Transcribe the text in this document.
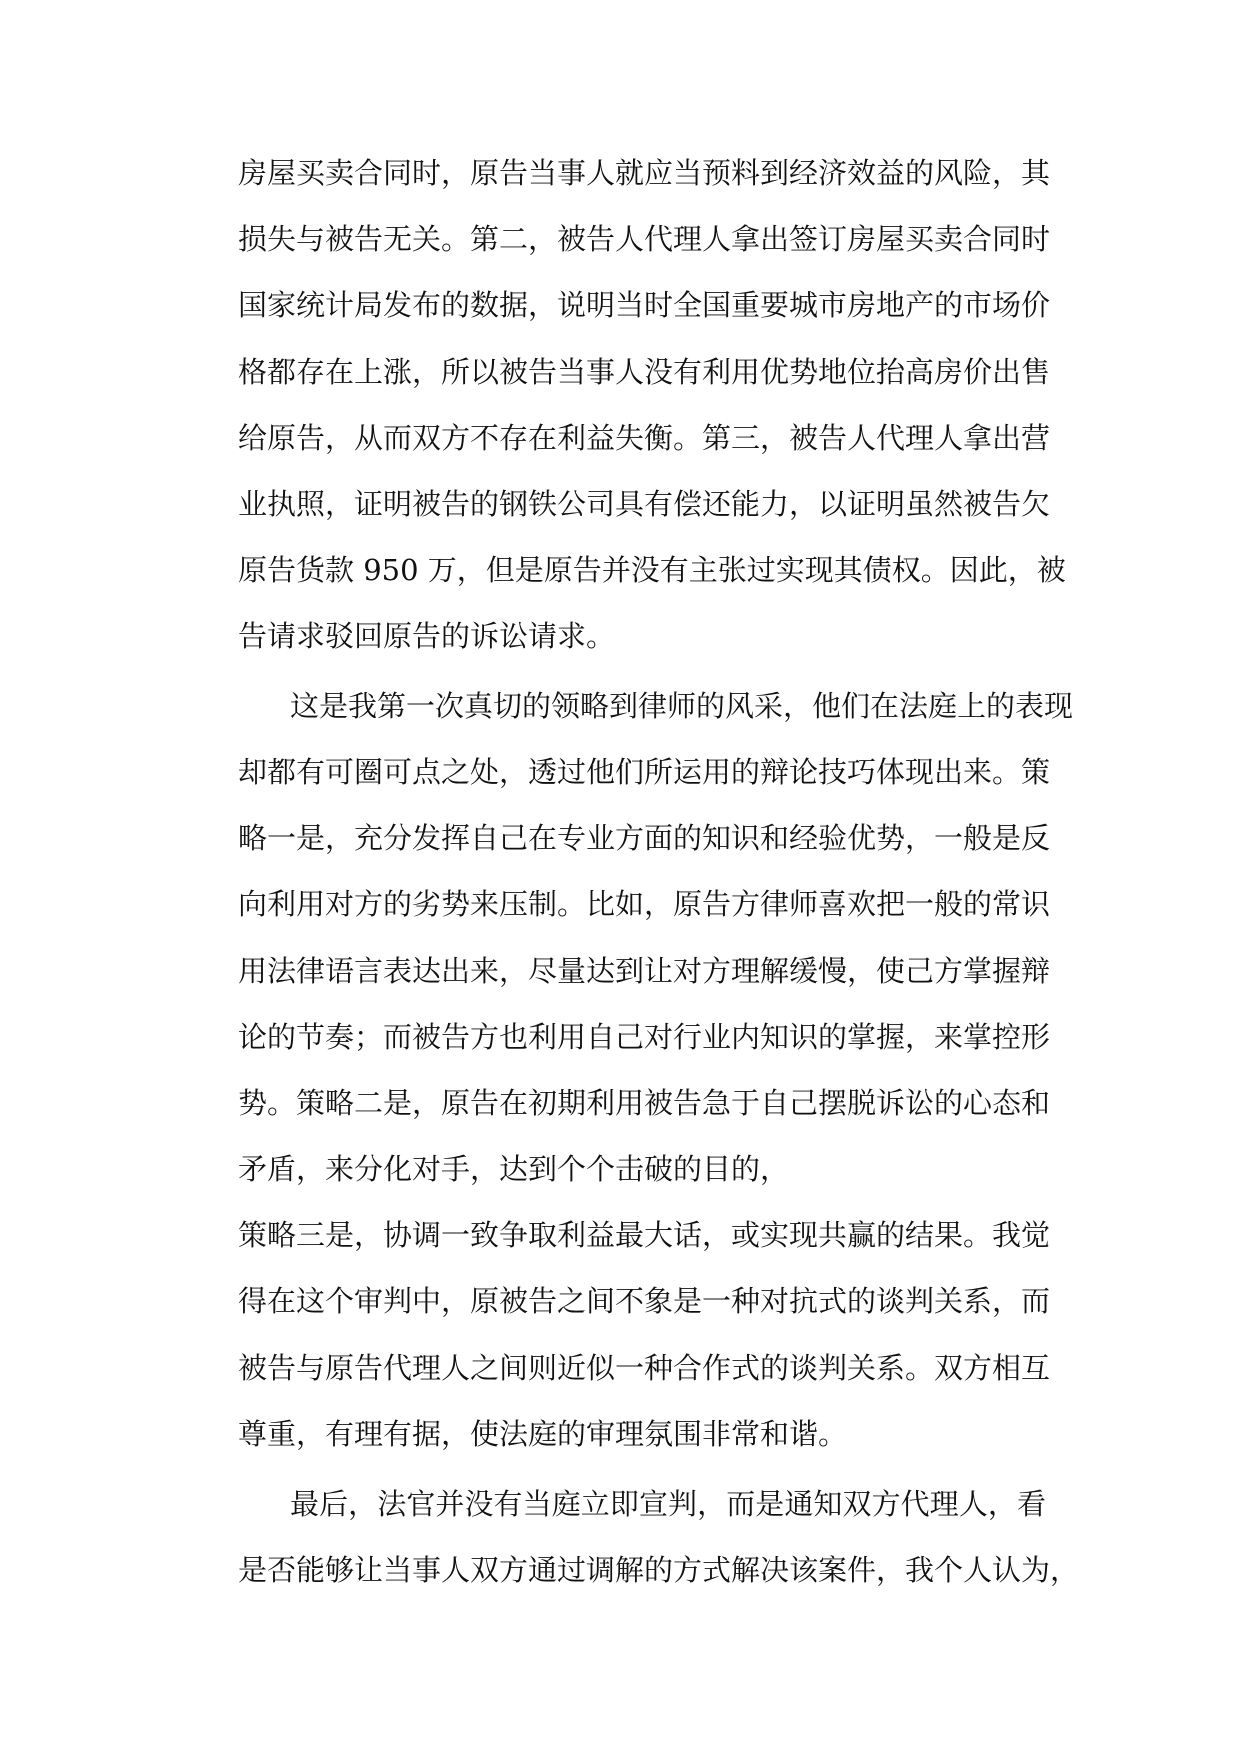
房屋买卖合同时，原告当事人就应当预料到经济效益的风险，其
损失与被告无关。第二，被告人代理人拿出签订房屋买卖合同时
国家统计局发布的数据，说明当时全国重要城市房地产的市场价
格都存在上涨，所以被告当事人没有利用优势地位抬高房价出售
给原告，从而双方不存在利益失衡。第三，被告人代理人拿出营
业执照，证明被告的钢铁公司具有偿还能力，以证明虽然被告欠
原告货款 950 万，但是原告并没有主张过实现其债权。因此，被
告请求驳回原告的诉讼请求。
这是我第一次真切的领略到律师的风采，他们在法庭上的表现
却都有可圈可点之处，透过他们所运用的辩论技巧体现出来。策
略一是，充分发挥自己在专业方面的知识和经验优势，一般是反
向利用对方的劣势来压制。比如，原告方律师喜欢把一般的常识
用法律语言表达出来，尽量达到让对方理解缓慢，使己方掌握辩
论的节奏；而被告方也利用自己对行业内知识的掌握，来掌控形
势。策略二是，原告在初期利用被告急于自己摆脱诉讼的心态和
矛盾，来分化对手，达到个个击破的目的，
策略三是，协调一致争取利益最大话，或实现共赢的结果。我觉
得在这个审判中，原被告之间不象是一种对抗式的谈判关系，而
被告与原告代理人之间则近似一种合作式的谈判关系。双方相互
尊重，有理有据，使法庭的审理氛围非常和谐。
最后，法官并没有当庭立即宣判，而是通知双方代理人，看
是否能够让当事人双方通过调解的方式解决该案件，我个人认为，
